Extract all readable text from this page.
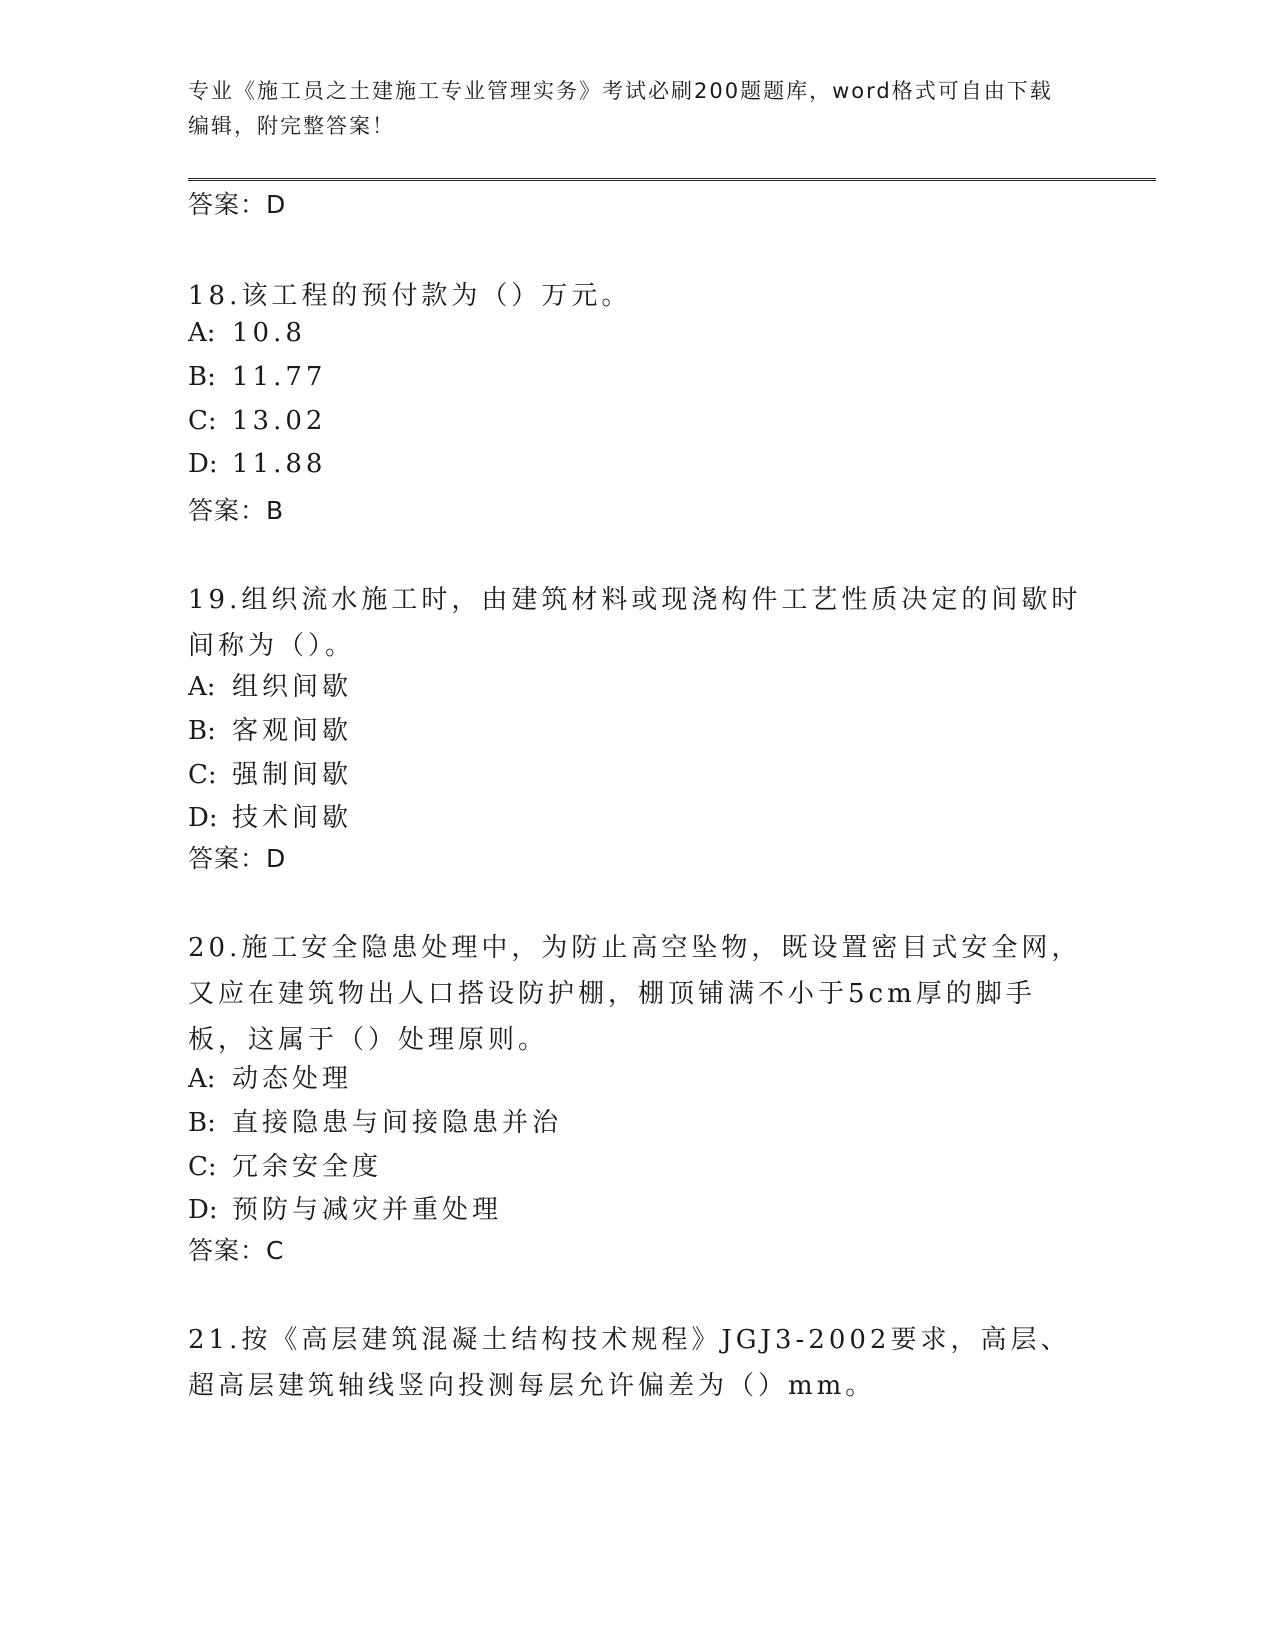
专业《施工员之土建施工专业管理实务》考试必刷200题题库，word格式可自由下载编辑，附完整答案！
答案：D
18.该工程的预付款为（）万元。
A: 10.8
B: 11.77
C: 13.02
D: 11.88
答案：B
19.组织流水施工时，由建筑材料或现浇构件工艺性质决定的间歇时间称为（）。
A: 组织间歇
B: 客观间歇
C: 强制间歇
D: 技术间歇
答案：D
20.施工安全隐患处理中，为防止高空坠物，既设置密目式安全网，又应在建筑物出人口搭设防护棚，棚顶铺满不小于5cm厚的脚手板，这属于（）处理原则。
A: 动态处理
B: 直接隐患与间接隐患并治
C: 冗余安全度
D: 预防与减灾并重处理
答案：C
21.按《高层建筑混凝土结构技术规程》JGJ3-2002要求，高层、超高层建筑轴线竖向投测每层允许偏差为（）mm。
